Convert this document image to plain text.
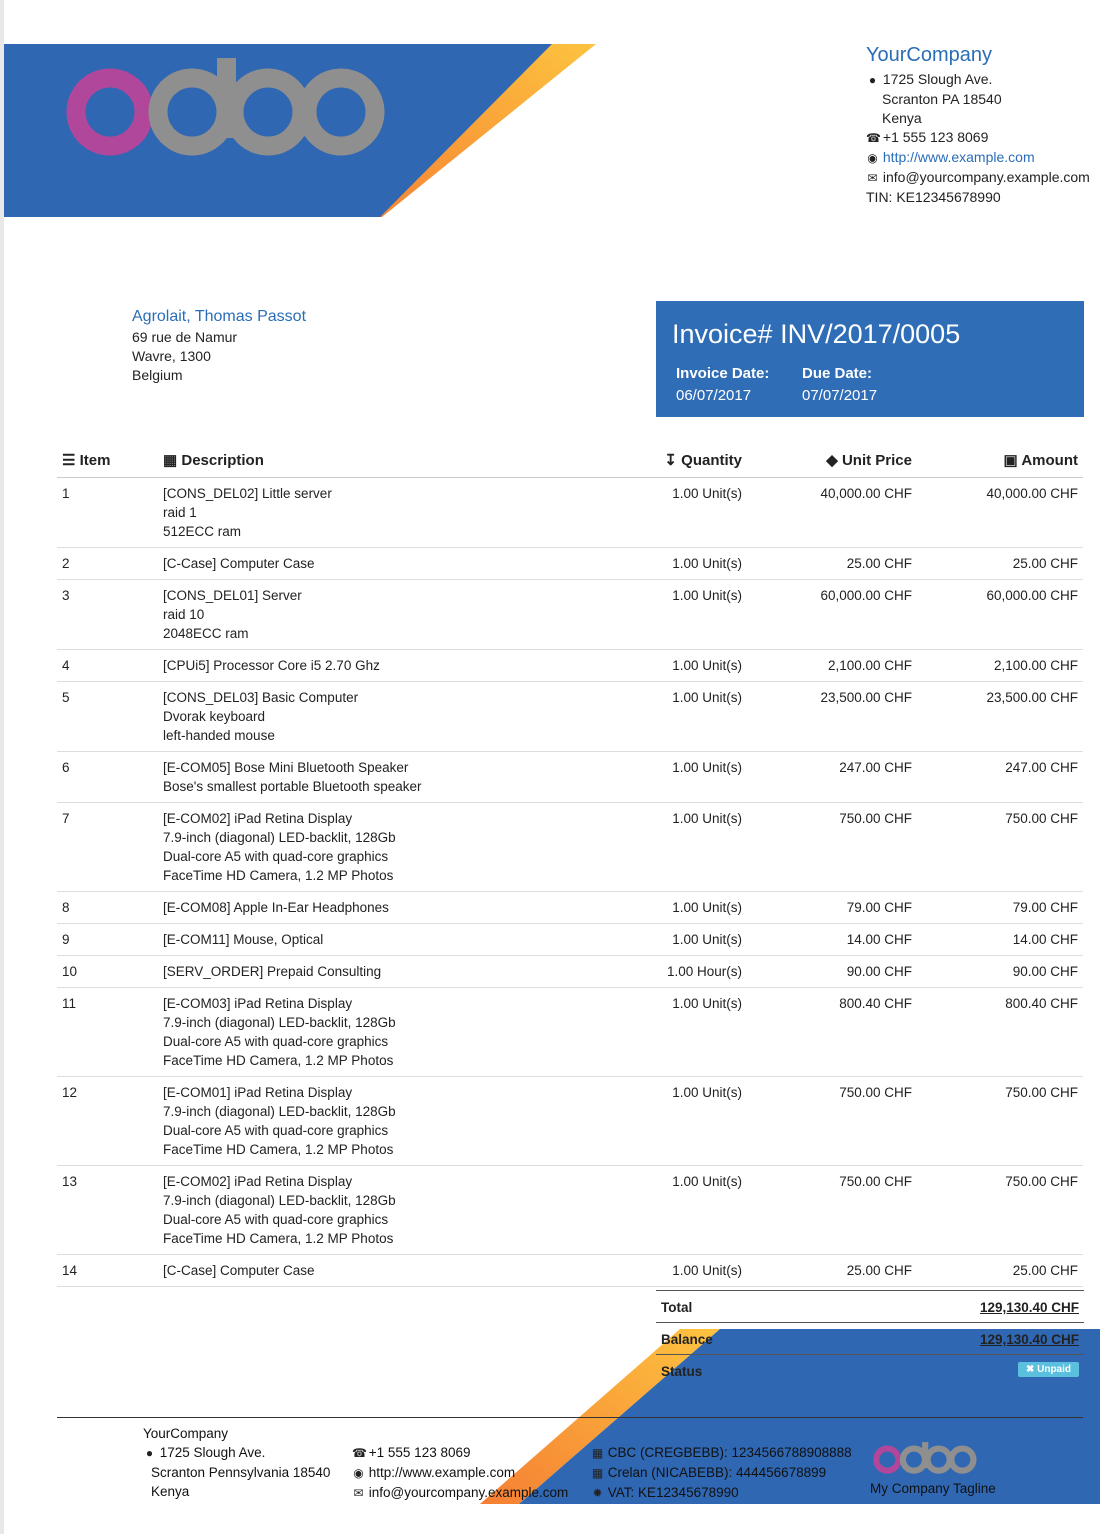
YourCompany
● 1725 Slough Ave.
Scranton PA 18540
Kenya
☎ +1 555 123 8069
◉ http://www.example.com
✉ info@yourcompany.example.com
TIN: KE12345678990
Agrolait, Thomas Passot
69 rue de Namur
Wavre, 1300
Belgium
Invoice# INV/2017/0005
Invoice Date:
06/07/2017
Due Date:
07/07/2017
☰ Item	▦ Description	↧ Quantity	◆ Unit Price	▣ Amount
1	[CONS_DEL02] Little server
raid 1
512ECC ram
1.00 Unit(s)	40,000.00 CHF	40,000.00 CHF
2	[C-Case] Computer Case	1.00 Unit(s)	25.00 CHF	25.00 CHF
3	[CONS_DEL01] Server
raid 10
2048ECC ram
1.00 Unit(s)	60,000.00 CHF	60,000.00 CHF
4	[CPUi5] Processor Core i5 2.70 Ghz	1.00 Unit(s)	2,100.00 CHF	2,100.00 CHF
5	[CONS_DEL03] Basic Computer
Dvorak keyboard
left-handed mouse
1.00 Unit(s)	23,500.00 CHF	23,500.00 CHF
6	[E-COM05] Bose Mini Bluetooth Speaker
Bose's smallest portable Bluetooth speaker
1.00 Unit(s)	247.00 CHF	247.00 CHF
7	[E-COM02] iPad Retina Display
7.9-inch (diagonal) LED-backlit, 128Gb
Dual-core A5 with quad-core graphics
FaceTime HD Camera, 1.2 MP Photos
1.00 Unit(s)	750.00 CHF	750.00 CHF
8	[E-COM08] Apple In-Ear Headphones	1.00 Unit(s)	79.00 CHF	79.00 CHF
9	[E-COM11] Mouse, Optical	1.00 Unit(s)	14.00 CHF	14.00 CHF
10	[SERV_ORDER] Prepaid Consulting	1.00 Hour(s)	90.00 CHF	90.00 CHF
11	[E-COM03] iPad Retina Display
7.9-inch (diagonal) LED-backlit, 128Gb
Dual-core A5 with quad-core graphics
FaceTime HD Camera, 1.2 MP Photos
1.00 Unit(s)	800.40 CHF	800.40 CHF
12	[E-COM01] iPad Retina Display
7.9-inch (diagonal) LED-backlit, 128Gb
Dual-core A5 with quad-core graphics
FaceTime HD Camera, 1.2 MP Photos
1.00 Unit(s)	750.00 CHF	750.00 CHF
13	[E-COM02] iPad Retina Display
7.9-inch (diagonal) LED-backlit, 128Gb
Dual-core A5 with quad-core graphics
FaceTime HD Camera, 1.2 MP Photos
1.00 Unit(s)	750.00 CHF	750.00 CHF
14	[C-Case] Computer Case	1.00 Unit(s)	25.00 CHF	25.00 CHF
Total	129,130.40 CHF
Balance	129,130.40 CHF
Status	✖ Unpaid
YourCompany
● 1725 Slough Ave.
Scranton Pennsylvania 18540
Kenya
☎ +1 555 123 8069
◉ http://www.example.com
✉ info@yourcompany.example.com
▦ CBC (CREGBEBB): 1234566788908888
▦ Crelan (NICABEBB): 444456678899
✹ VAT: KE12345678990	My Company Tagline
